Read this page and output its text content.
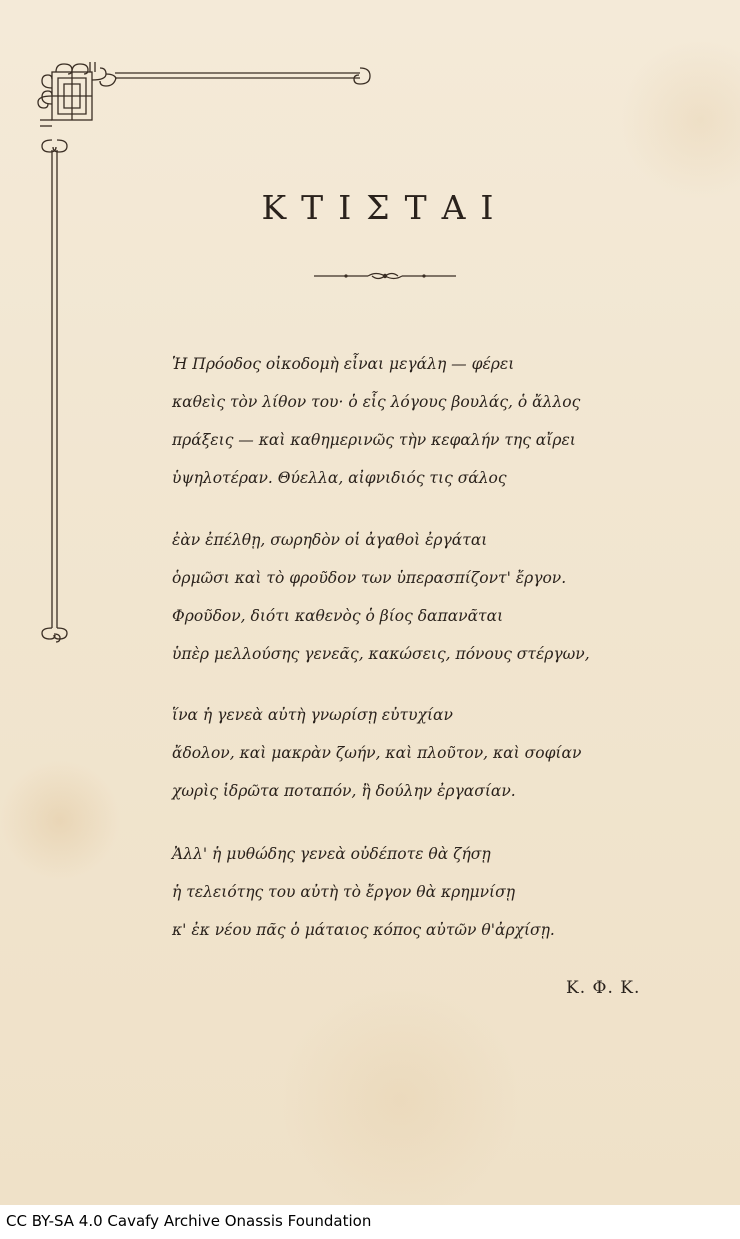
ΚΤΙΣΤΑΙ
Ἡ Πρόοδος οἰκοδομὴ εἶναι μεγάλη — φέρει
καθεὶς τὸν λίθον του· ὁ εἷς λόγους βουλάς, ὁ ἄλλος
πράξεις — καὶ καθημερινῶς τὴν κεφαλήν της αἴρει
ὑψηλοτέραν. Θύελλα, αἰφνιδιός τις σάλος
ἐὰν ἐπέλθῃ, σωρηδὸν οἱ ἀγαθοὶ ἐργάται
ὁρμῶσι καὶ τὸ φροῦδον των ὑπερασπίζοντ' ἔργον.
Φροῦδον, διότι καθενὸς ὁ βίος δαπανᾶται
ὑπὲρ μελλούσης γενεᾶς, κακώσεις, πόνους στέργων,
ἵνα ἡ γενεὰ αὐτὴ γνωρίσῃ εὐτυχίαν
ἄδολον, καὶ μακρὰν ζωήν, καὶ πλοῦτον, καὶ σοφίαν
χωρὶς ἱδρῶτα ποταπόν, ἢ δούλην ἐργασίαν.
Ἀλλ' ἡ μυθώδης γενεὰ οὐδέποτε θὰ ζήσῃ
ἡ τελειότης του αὐτὴ τὸ ἔργον θὰ κρημνίσῃ
κ' ἐκ νέου πᾶς ὁ μάταιος κόπος αὐτῶν θ'ἀρχίσῃ.
Κ. Φ. Κ.
CC BY-SA 4.0 Cavafy Archive Onassis Foundation
